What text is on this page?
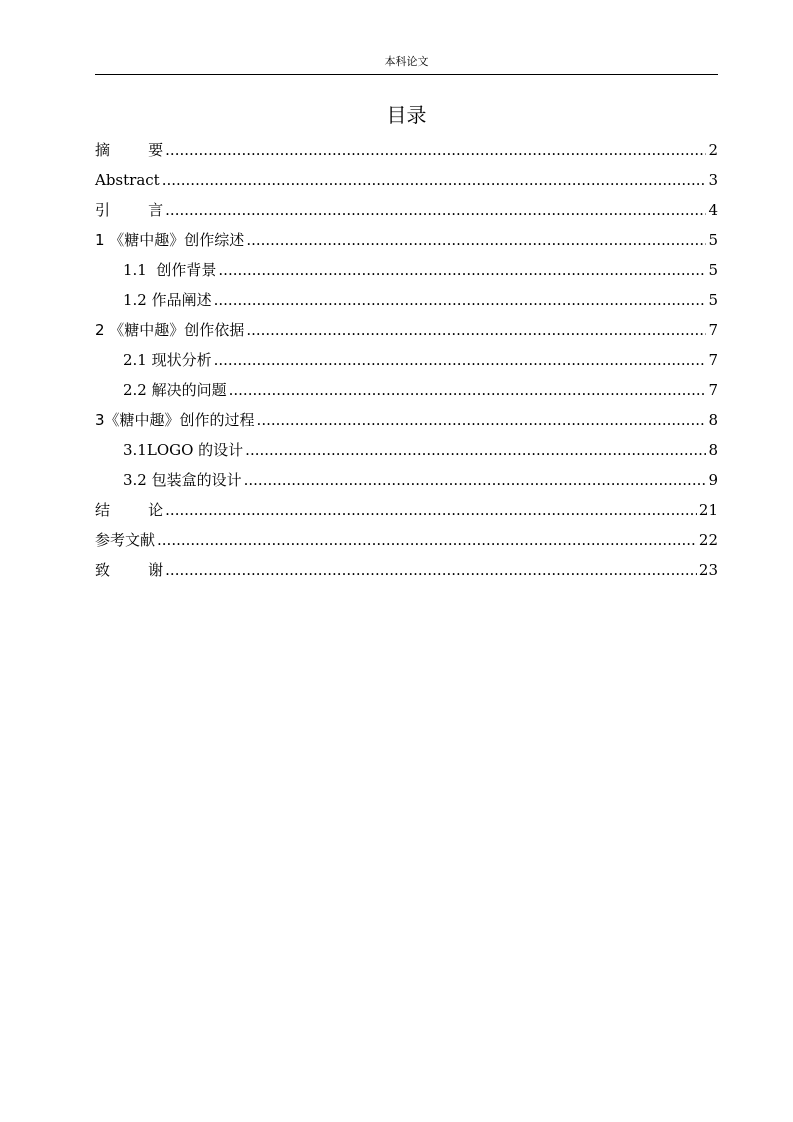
本科论文
目录
摘        要 .....	2
Abstract .....	3
引        言 .....	4
1 《糖中趣》创作综述 .....	5
1.1  创作背景 .....	5
1.2 作品阐述 .....	5
2 《糖中趣》创作依据 .....	7
2.1 现状分析 .....	7
2.2 解决的问题 .....	7
3《糖中趣》创作的过程 .....	8
3.1LOGO 的设计 .....	8
3.2 包装盒的设计 .....	9
结        论 .....	21
参考文献 .....	22
致        谢 .....	23
